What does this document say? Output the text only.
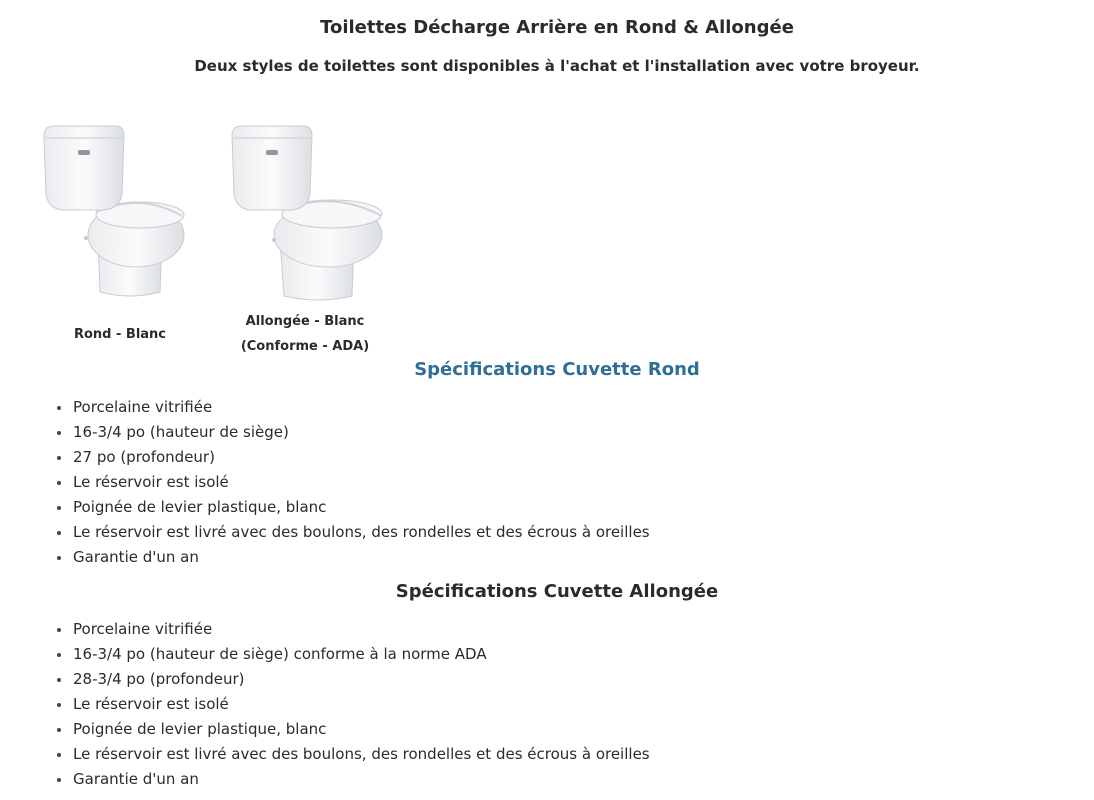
Toilettes Décharge Arrière en Rond & Allongée
Deux styles de toilettes sont disponibles à l'achat et l'installation avec votre broyeur.
Rond - Blanc
Allongée - Blanc
(Conforme - ADA)
Spécifications Cuvette Rond
Porcelaine vitrifiée
16-3/4 po (hauteur de siège)
27 po (profondeur)
Le réservoir est isolé
Poignée de levier plastique, blanc
Le réservoir est livré avec des boulons, des rondelles et des écrous à oreilles
Garantie d'un an
Spécifications Cuvette Allongée
Porcelaine vitrifiée
16-3/4 po (hauteur de siège) conforme à la norme ADA
28-3/4 po (profondeur)
Le réservoir est isolé
Poignée de levier plastique, blanc
Le réservoir est livré avec des boulons, des rondelles et des écrous à oreilles
Garantie d'un an
